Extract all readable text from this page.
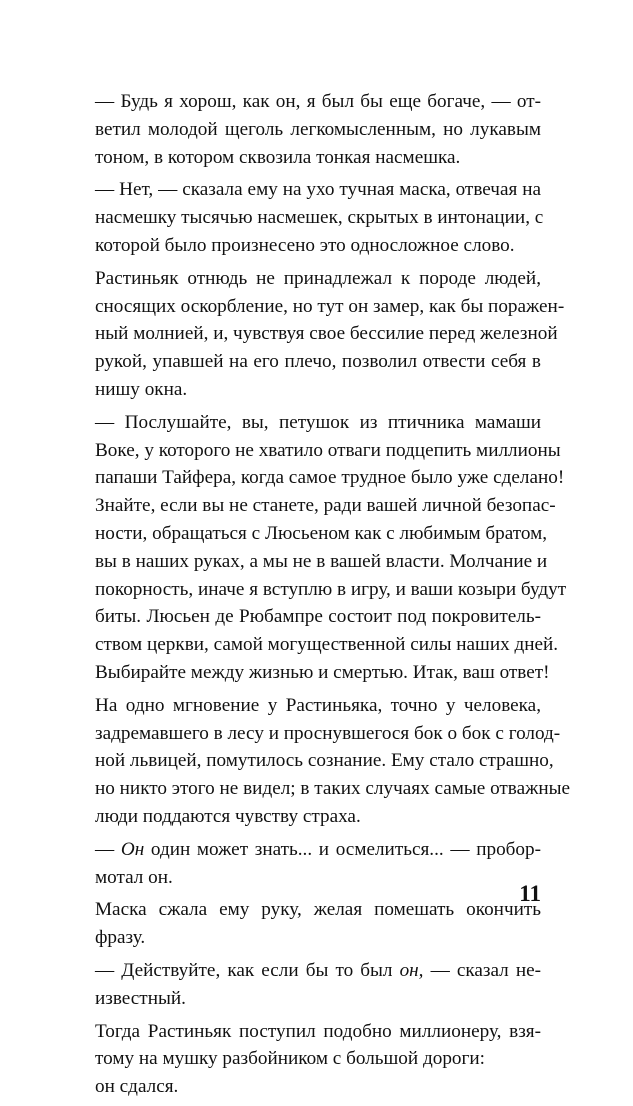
— Будь я хорош, как он, я был бы еще богаче, — от-
ветил молодой щеголь легкомысленным, но лукавым
тоном, в котором сквозила тонкая насмешка.
— Нет, — сказала ему на ухо тучная маска, отвечая на
насмешку тысячью насмешек, скрытых в интонации, с
которой было произнесено это односложное слово.
Растиньяк отнюдь не принадлежал к породе людей,
сносящих оскорбление, но тут он замер, как бы поражен-
ный молнией, и, чувствуя свое бессилие перед железной
рукой, упавшей на его плечо, позволил отвести себя в
нишу окна.
— Послушайте, вы, петушок из птичника мамаши
Воке, у которого не хватило отваги подцепить миллионы
папаши Тайфера, когда самое трудное было уже сделано!
Знайте, если вы не станете, ради вашей личной безопас-
ности, обращаться с Люсьеном как с любимым братом,
вы в наших руках, а мы не в вашей власти. Молчание и
покорность, иначе я вступлю в игру, и ваши козыри будут
биты. Люсьен де Рюбампре состоит под покровитель-
ством церкви, самой могущественной силы наших дней.
Выбирайте между жизнью и смертью. Итак, ваш ответ!
На одно мгновение у Растиньяка, точно у человека,
задремавшего в лесу и проснувшегося бок о бок с голод-
ной львицей, помутилось сознание. Ему стало страшно,
но никто этого не видел; в таких случаях самые отважные
люди поддаются чувству страха.
— Он один может знать... и осмелиться... — пробор-
мотал он.
Маска сжала ему руку, желая помешать окончить
фразу.
— Действуйте, как если бы то был он, — сказал не-
известный.
Тогда Растиньяк поступил подобно миллионеру, взя-
тому на мушку разбойником с большой дороги:
он сдался.
11
